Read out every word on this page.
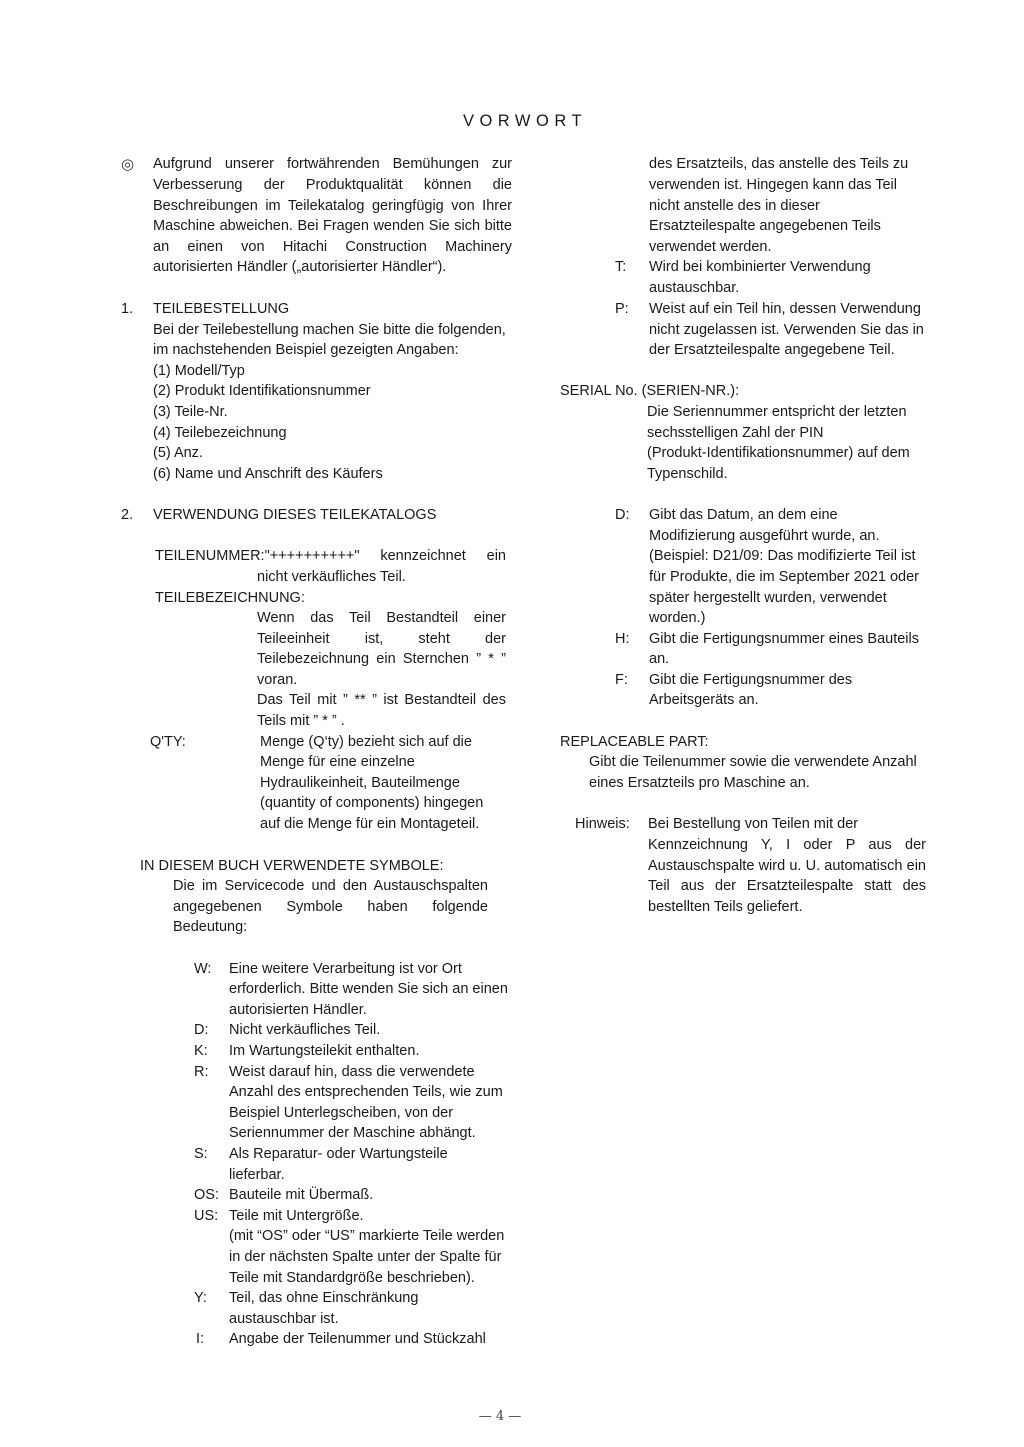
VORWORT
◎ Aufgrund unserer fortwährenden Bemühungen zur
Verbesserung der Produktqualität können die
Beschreibungen im Teilekatalog geringfügig von Ihrer
Maschine abweichen. Bei Fragen wenden Sie sich bitte
an einen von Hitachi Construction Machinery
autorisierten Händler („autorisierter Händler“).
1. TEILEBESTELLUNG
Bei der Teilebestellung machen Sie bitte die folgenden,
im nachstehenden Beispiel gezeigten Angaben:
(1) Modell/Typ
(2) Produkt Identifikationsnummer
(3) Teile-Nr.
(4) Teilebezeichnung
(5) Anz.
(6) Name und Anschrift des Käufers
2. VERWENDUNG DIESES TEILEKATALOGS
TEILENUMMER:"++++++++++" kennzeichnet ein
nicht verkäufliches Teil.
TEILEBEZEICHNUNG:
Wenn das Teil Bestandteil einer
Teileeinheit ist, steht der
Teilebezeichnung ein Sternchen ” * ”
voran.
Das Teil mit ” ** ” ist Bestandteil des
Teils mit ” * ” .
Q'TY:	Menge (Q‘ty) bezieht sich auf die
Menge für eine einzelne
Hydraulikeinheit, Bauteilmenge
(quantity of components) hingegen
auf die Menge für ein Montageteil.
IN DIESEM BUCH VERWENDETE SYMBOLE:
Die im Servicecode und den Austauschspalten
angegebenen Symbole haben folgende
Bedeutung:
W: Eine weitere Verarbeitung ist vor Ort
erforderlich. Bitte wenden Sie sich an einen
autorisierten Händler.
D: Nicht verkäufliches Teil.
K: Im Wartungsteilekit enthalten.
R: Weist darauf hin, dass die verwendete
Anzahl des entsprechenden Teils, wie zum
Beispiel Unterlegscheiben, von der
Seriennummer der Maschine abhängt.
S: Als Reparatur- oder Wartungsteile
lieferbar.
OS: Bauteile mit Übermaß.
US: Teile mit Untergröße.
(mit “OS” oder “US” markierte Teile werden
in der nächsten Spalte unter der Spalte für
Teile mit Standardgröße beschrieben).
Y: Teil, das ohne Einschränkung
austauschbar ist.
I: Angabe der Teilenummer und Stückzahl
des Ersatzteils, das anstelle des Teils zu
verwenden ist. Hingegen kann das Teil
nicht anstelle des in dieser
Ersatzteilespalte angegebenen Teils
verwendet werden.
T: Wird bei kombinierter Verwendung
austauschbar.
P: Weist auf ein Teil hin, dessen Verwendung
nicht zugelassen ist. Verwenden Sie das in
der Ersatzteilespalte angegebene Teil.
SERIAL No. (SERIEN-NR.):
Die Seriennummer entspricht der letzten
sechsstelligen Zahl der PIN
(Produkt-Identifikationsnummer) auf dem
Typenschild.
D: Gibt das Datum, an dem eine
Modifizierung ausgeführt wurde, an.
(Beispiel: D21/09: Das modifizierte Teil ist
für Produkte, die im September 2021 oder
später hergestellt wurden, verwendet
worden.)
H: Gibt die Fertigungsnummer eines Bauteils
an.
F: Gibt die Fertigungsnummer des
Arbeitsgeräts an.
REPLACEABLE PART:
Gibt die Teilenummer sowie die verwendete Anzahl
eines Ersatzteils pro Maschine an.
Hinweis: Bei Bestellung von Teilen mit der
Kennzeichnung Y, I oder P aus der
Austauschspalte wird u. U. automatisch ein
Teil aus der Ersatzteilespalte statt des
bestellten Teils geliefert.
— 4 —
